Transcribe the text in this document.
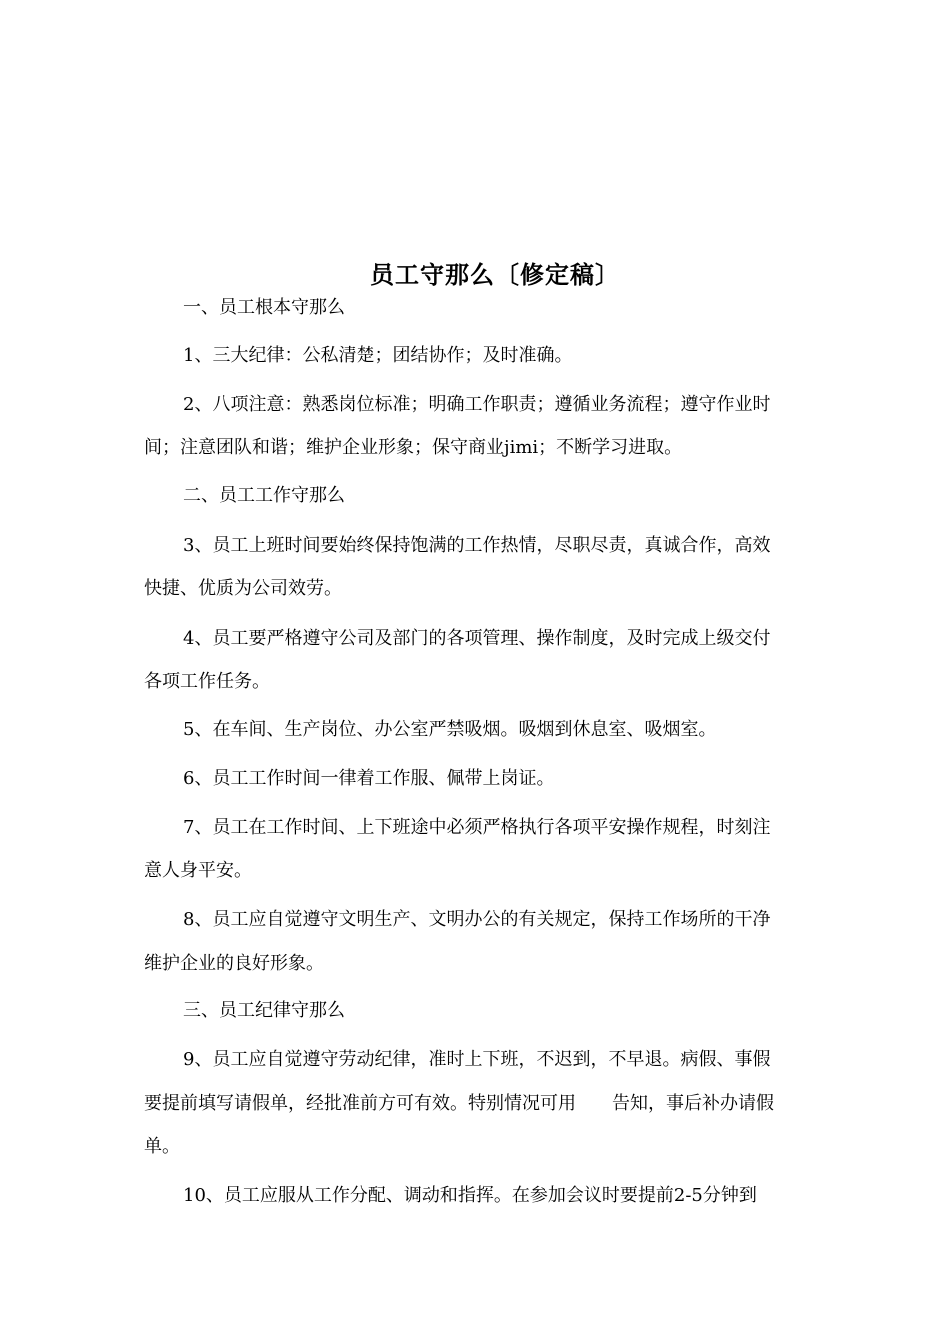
员工守那么〔修定稿〕
一、员工根本守那么
1、三大纪律：公私清楚；团结协作；及时准确。
2、八项注意：熟悉岗位标准；明确工作职责；遵循业务流程；遵守作业时
间；注意团队和谐；维护企业形象；保守商业jimi；不断学习进取。
二、员工工作守那么
3、员工上班时间要始终保持饱满的工作热情，尽职尽责，真诚合作，高效
快捷、优质为公司效劳。
4、员工要严格遵守公司及部门的各项管理、操作制度，及时完成上级交付
各项工作任务。
5、在车间、生产岗位、办公室严禁吸烟。吸烟到休息室、吸烟室。
6、员工工作时间一律着工作服、佩带上岗证。
7、员工在工作时间、上下班途中必须严格执行各项平安操作规程，时刻注
意人身平安。
8、员工应自觉遵守文明生产、文明办公的有关规定，保持工作场所的干净
维护企业的良好形象。
三、员工纪律守那么
9、员工应自觉遵守劳动纪律，准时上下班，不迟到，不早退。病假、事假
要提前填写请假单，经批准前方可有效。特别情况可用　　告知，事后补办请假
单。
10、员工应服从工作分配、调动和指挥。在参加会议时要提前2-5分钟到
